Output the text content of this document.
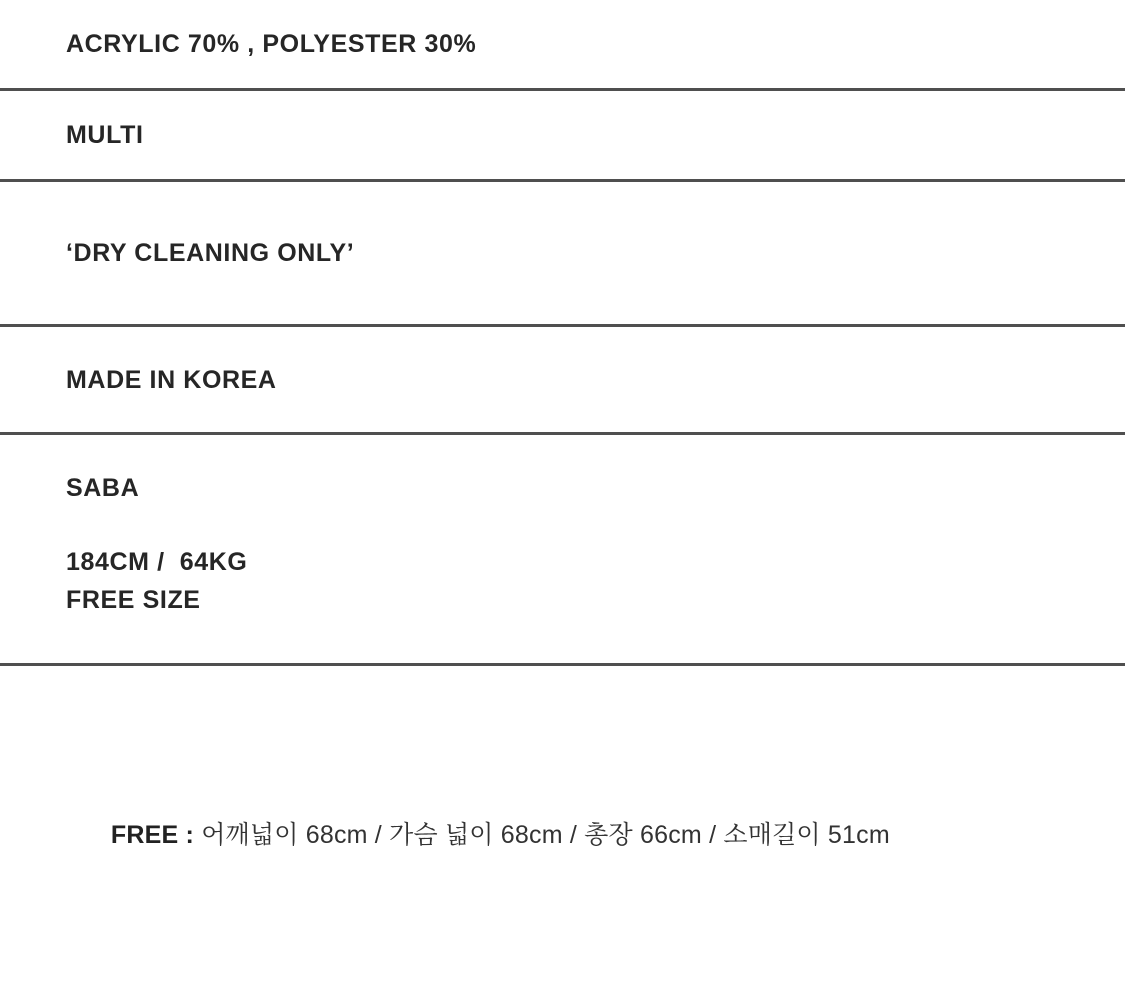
ACRYLIC 70% , POLYESTER 30%
MULTI
‘DRY CLEANING ONLY’
MADE IN KOREA
SABA
184CM /  64KG
FREE SIZE

FREE : 어깨넓이 68cm / 가슴 넓이 68cm / 총장 66cm / 소매길이 51cm
